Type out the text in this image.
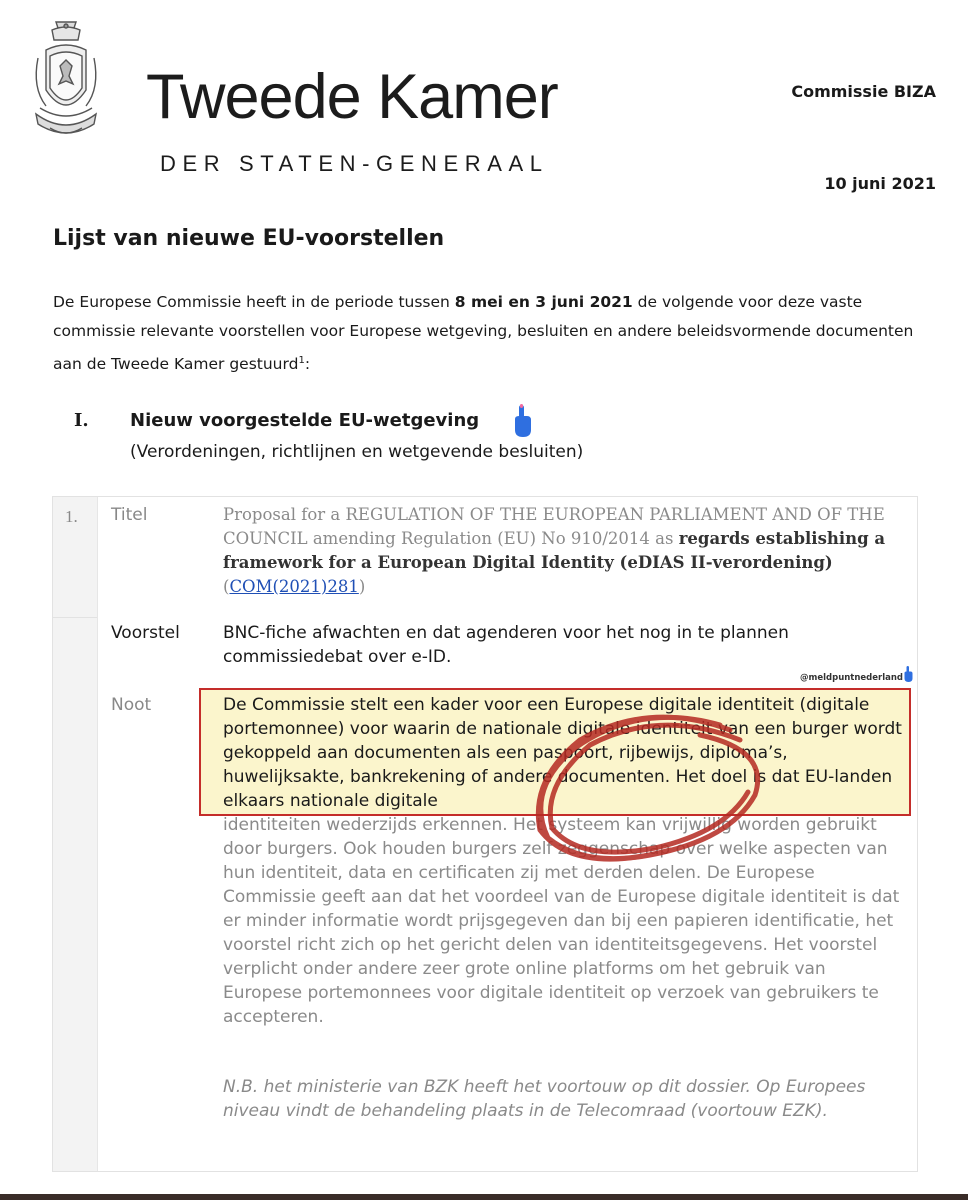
Tweede Kamer
DER STATEN-GENERAAL
Commissie BIZA
10 juni 2021
Lijst van nieuwe EU-voorstellen
De Europese Commissie heeft in de periode tussen 8 mei en 3 juni 2021 de volgende voor deze vaste commissie relevante voorstellen voor Europese wetgeving, besluiten en andere beleidsvormende documenten aan de Tweede Kamer gestuurd$^1$:
I. Nieuw voorgestelde EU-wetgeving
(Verordeningen, richtlijnen en wetgevende besluiten)
1. Titel	Proposal for a REGULATION OF THE EUROPEAN PARLIAMENT AND OF THE COUNCIL amending Regulation (EU) No 910/2014 as regards establishing a framework for a European Digital Identity (eDIAS II-verordening) (COM(2021)281)
Voorstel	BNC-fiche afwachten en dat agenderen voor het nog in te plannen commissiedebat over e-ID.
@meldpuntnederland
Noot	De Commissie stelt een kader voor een Europese digitale identiteit (digitale portemonnee) voor waarin de nationale digitale identiteit van een burger wordt gekoppeld aan documenten als een paspoort, rijbewijs, diploma’s, huwelijksakte, bankrekening of andere documenten. Het doel is dat EU-landen elkaars nationale digitale
identiteiten wederzijds erkennen. Het systeem kan vrijwillig worden gebruikt door burgers. Ook houden burgers zelf zeggenschap over welke aspecten van hun identiteit, data en certificaten zij met derden delen. De Europese Commissie geeft aan dat het voordeel van de Europese digitale identiteit is dat er minder informatie wordt prijsgegeven dan bij een papieren identificatie, het voorstel richt zich op het gericht delen van identiteitsgegevens. Het voorstel verplicht onder andere zeer grote online platforms om het gebruik van Europese portemonnees voor digitale identiteit op verzoek van gebruikers te accepteren.
N.B. het ministerie van BZK heeft het voortouw op dit dossier. Op Europees niveau vindt de behandeling plaats in de Telecomraad (voortouw EZK).
